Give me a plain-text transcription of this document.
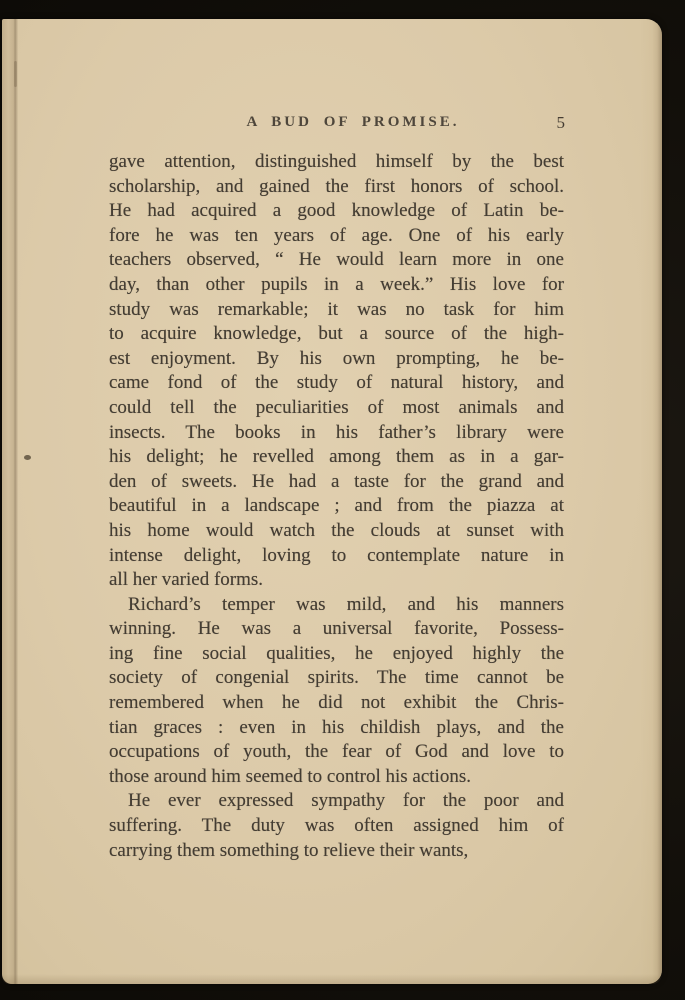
A BUD OF PROMISE.	5
gave attention, distinguished himself by the best
scholarship, and gained the first honors of school.
He had acquired a good knowledge of Latin be-
fore he was ten years of age. One of his early
teachers observed, “ He would learn more in one
day, than other pupils in a week.” His love for
study was remarkable; it was no task for him
to acquire knowledge, but a source of the high-
est enjoyment. By his own prompting, he be-
came fond of the study of natural history, and
could tell the peculiarities of most animals and
insects. The books in his father’s library were
his delight; he revelled among them as in a gar-
den of sweets. He had a taste for the grand and
beautiful in a landscape ; and from the piazza at
his home would watch the clouds at sunset with
intense delight, loving to contemplate nature in
all her varied forms.
Richard’s temper was mild, and his manners
winning. He was a universal favorite, Possess-
ing fine social qualities, he enjoyed highly the
society of congenial spirits. The time cannot be
remembered when he did not exhibit the Chris-
tian graces : even in his childish plays, and the
occupations of youth, the fear of God and love to
those around him seemed to control his actions.
He ever expressed sympathy for the poor and
suffering. The duty was often assigned him of
carrying them something to relieve their wants,
